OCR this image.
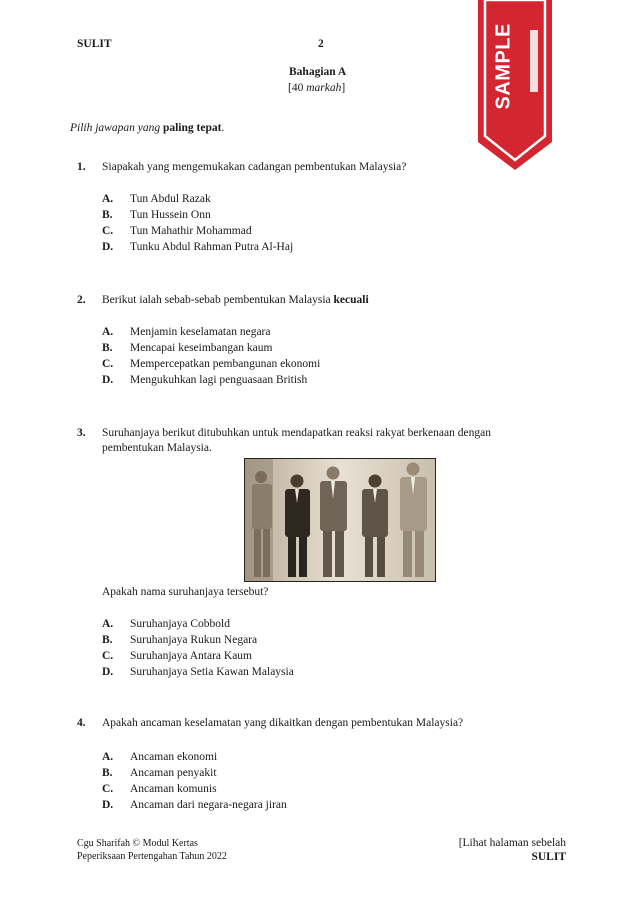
SULIT	2
Bahagian A
[40 markah]	SAMPLE
Pilih jawapan yang paling tepat.
1. Siapakah yang mengemukakan cadangan pembentukan Malaysia?
A. Tun Abdul Razak
B. Tun Hussein Onn
C. Tun Mahathir Mohammad
D. Tunku Abdul Rahman Putra Al-Haj
2. Berikut ialah sebab-sebab pembentukan Malaysia kecuali
A. Menjamin keselamatan negara
B. Mencapai keseimbangan kaum
C. Mempercepatkan pembangunan ekonomi
D. Mengukuhkan lagi penguasaan British
3. Suruhanjaya berikut ditubuhkan untuk mendapatkan reaksi rakyat berkenaan dengan
pembentukan Malaysia.
Apakah nama suruhanjaya tersebut?
A. Suruhanjaya Cobbold
B. Suruhanjaya Rukun Negara
C. Suruhanjaya Antara Kaum
D. Suruhanjaya Setia Kawan Malaysia
4. Apakah ancaman keselamatan yang dikaitkan dengan pembentukan Malaysia?
A. Ancaman ekonomi
B. Ancaman penyakit
C. Ancaman komunis
D. Ancaman dari negara-negara jiran
Cgu Sharifah © Modul Kertas
Peperiksaan Pertengahan Tahun 2022
[Lihat halaman sebelah
SULIT
